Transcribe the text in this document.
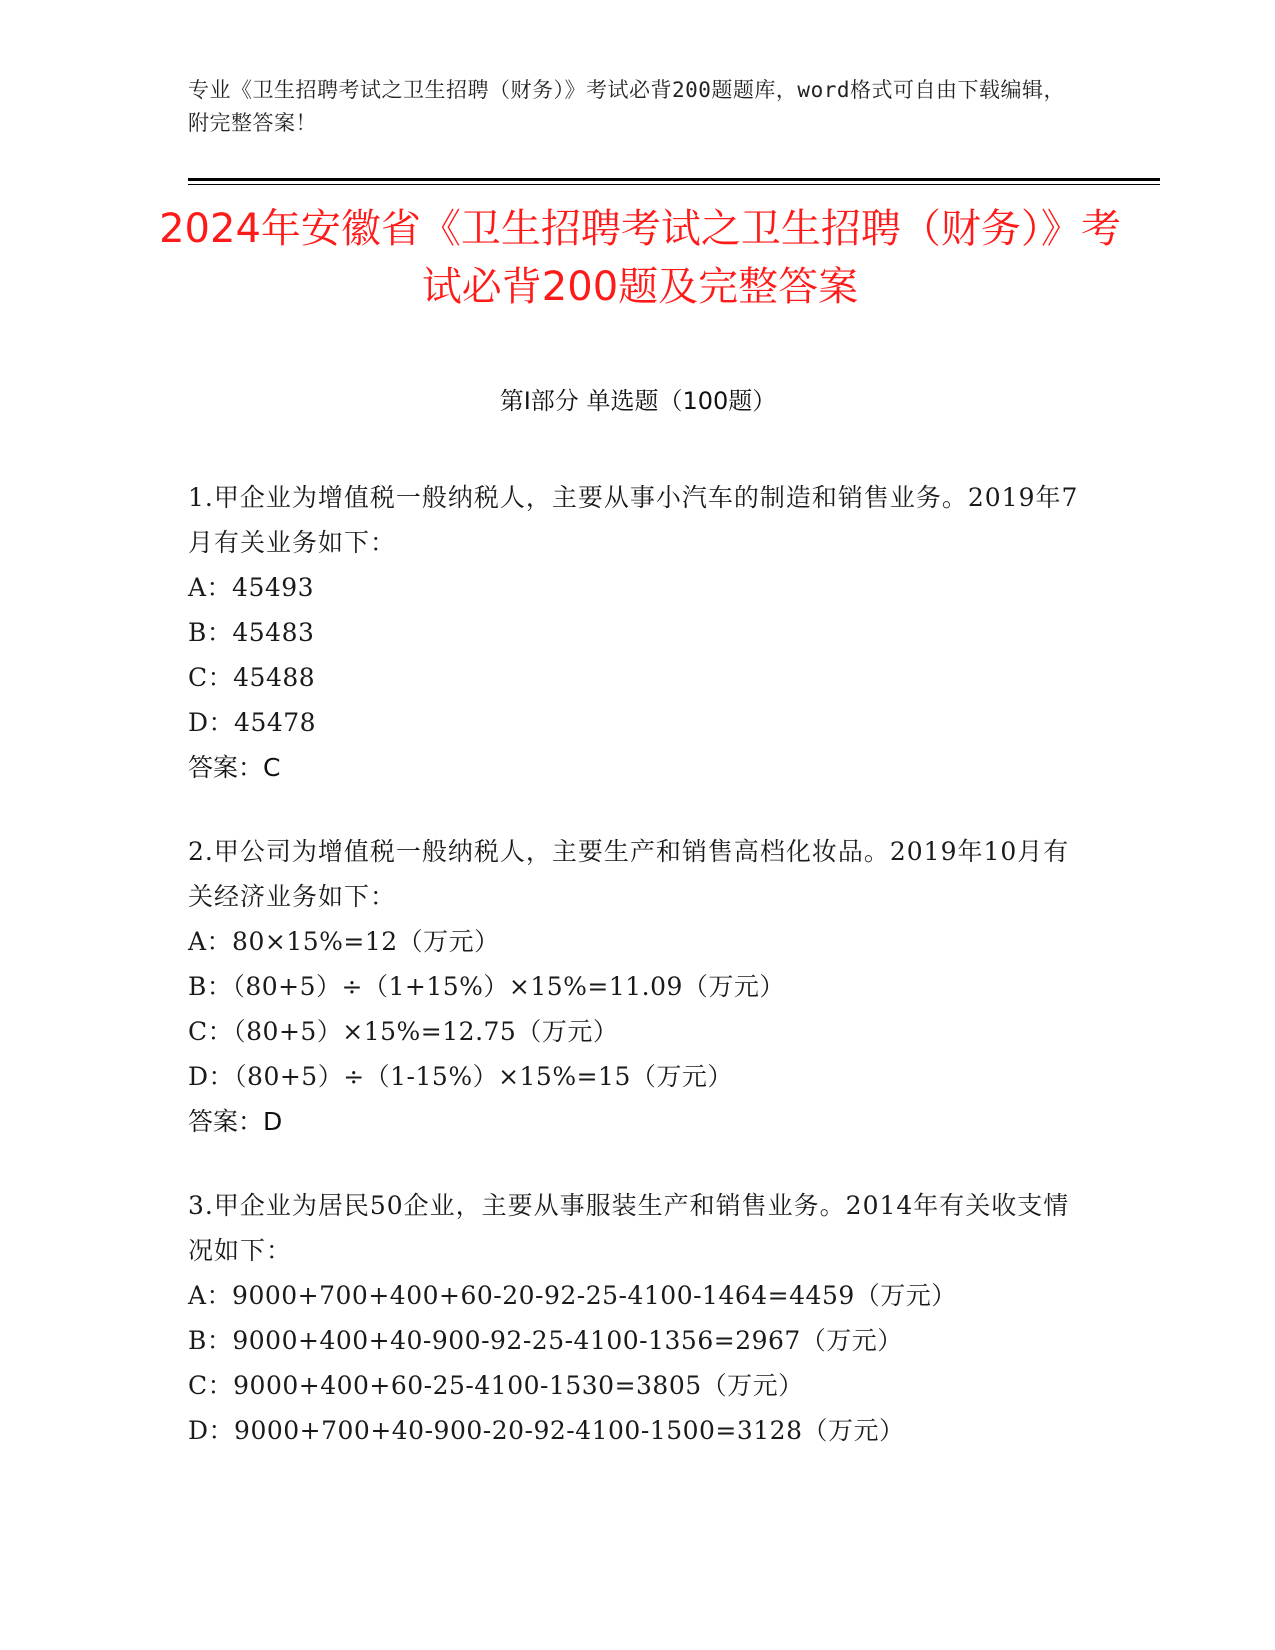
专业《卫生招聘考试之卫生招聘（财务）》考试必背200题题库，word格式可自由下载编辑，附完整答案！
2024年安徽省《卫生招聘考试之卫生招聘（财务）》考试必背200题及完整答案
第Ⅰ部分 单选题（100题）
1.甲企业为增值税一般纳税人，主要从事小汽车的制造和销售业务。2019年7月有关业务如下：
A：45493
B：45483
C：45488
D：45478
答案：C
2.甲公司为增值税一般纳税人，主要生产和销售高档化妆品。2019年10月有关经济业务如下：
A：80×15%=12（万元）
B：（80+5）÷（1+15%）×15%=11.09（万元）
C：（80+5）×15%=12.75（万元）
D：（80+5）÷（1-15%）×15%=15（万元）
答案：D
3.甲企业为居民50企业，主要从事服装生产和销售业务。2014年有关收支情况如下：
A：9000+700+400+60-20-92-25-4100-1464=4459（万元）
B：9000+400+40-900-92-25-4100-1356=2967（万元）
C：9000+400+60-25-4100-1530=3805（万元）
D：9000+700+40-900-20-92-4100-1500=3128（万元）
